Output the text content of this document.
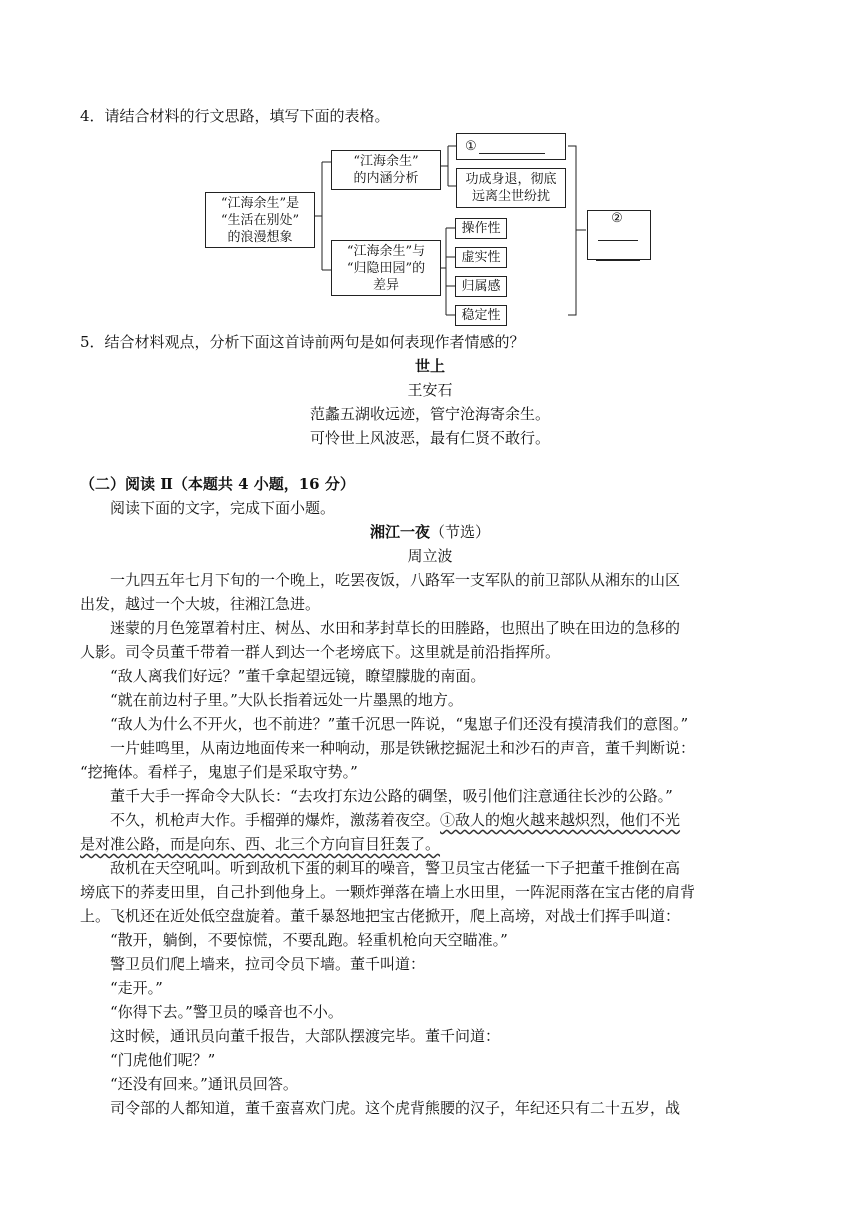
4．请结合材料的行文思路，填写下面的表格。
“江海余生”是
“生活在别处”
的浪漫想象
“江海余生”
的内涵分析
①
功成身退，彻底
远离尘世纷扰
“江海余生”与
“归隐田园”的
差异
操作性
虚实性
归属感
稳定性
②
5．结合材料观点，分析下面这首诗前两句是如何表现作者情感的？
世上
王安石
范蠡五湖收远迹，管宁沧海寄余生。
可怜世上风波恶，最有仁贤不敢行。
（二）阅读 Ⅱ（本题共 4 小题，16 分）
阅读下面的文字，完成下面小题。
湘江一夜（节选）
周立波
一九四五年七月下旬的一个晚上，吃罢夜饭，八路军一支军队的前卫部队从湘东的山区
出发，越过一个大坡，往湘江急进。
迷蒙的月色笼罩着村庄、树丛、水田和茅封草长的田塍路，也照出了映在田边的急移的
人影。司令员董千带着一群人到达一个老塝底下。这里就是前沿指挥所。
“敌人离我们好远？”董千拿起望远镜，瞭望朦胧的南面。
“就在前边村子里。”大队长指着远处一片墨黑的地方。
“敌人为什么不开火，也不前进？”董千沉思一阵说，“鬼崽子们还没有摸清我们的意图。”
一片蛙鸣里，从南边地面传来一种响动，那是铁锹挖掘泥土和沙石的声音，董千判断说：
“挖掩体。看样子，鬼崽子们是采取守势。”
董千大手一挥命令大队长：“去攻打东边公路的碉堡，吸引他们注意通往长沙的公路。”
不久，机枪声大作。手榴弹的爆炸，激荡着夜空。①敌人的炮火越来越炽烈，他们不光
是对准公路，而是向东、西、北三个方向盲目狂轰了。
敌机在天空吼叫。听到敌机下蛋的刺耳的噪音，警卫员宝古佬猛一下子把董千推倒在高
塝底下的荞麦田里，自己扑到他身上。一颗炸弹落在墙上水田里，一阵泥雨落在宝古佬的肩背
上。飞机还在近处低空盘旋着。董千暴怒地把宝古佬掀开，爬上高塝，对战士们挥手叫道：
“散开，躺倒，不要惊慌，不要乱跑。轻重机枪向天空瞄准。”
警卫员们爬上墙来，拉司令员下墙。董千叫道：
“走开。”
“你得下去。”警卫员的嗓音也不小。
这时候，通讯员向董千报告，大部队摆渡完毕。董千问道：
“门虎他们呢？”
“还没有回来。”通讯员回答。
司令部的人都知道，董千蛮喜欢门虎。这个虎背熊腰的汉子，年纪还只有二十五岁，战
